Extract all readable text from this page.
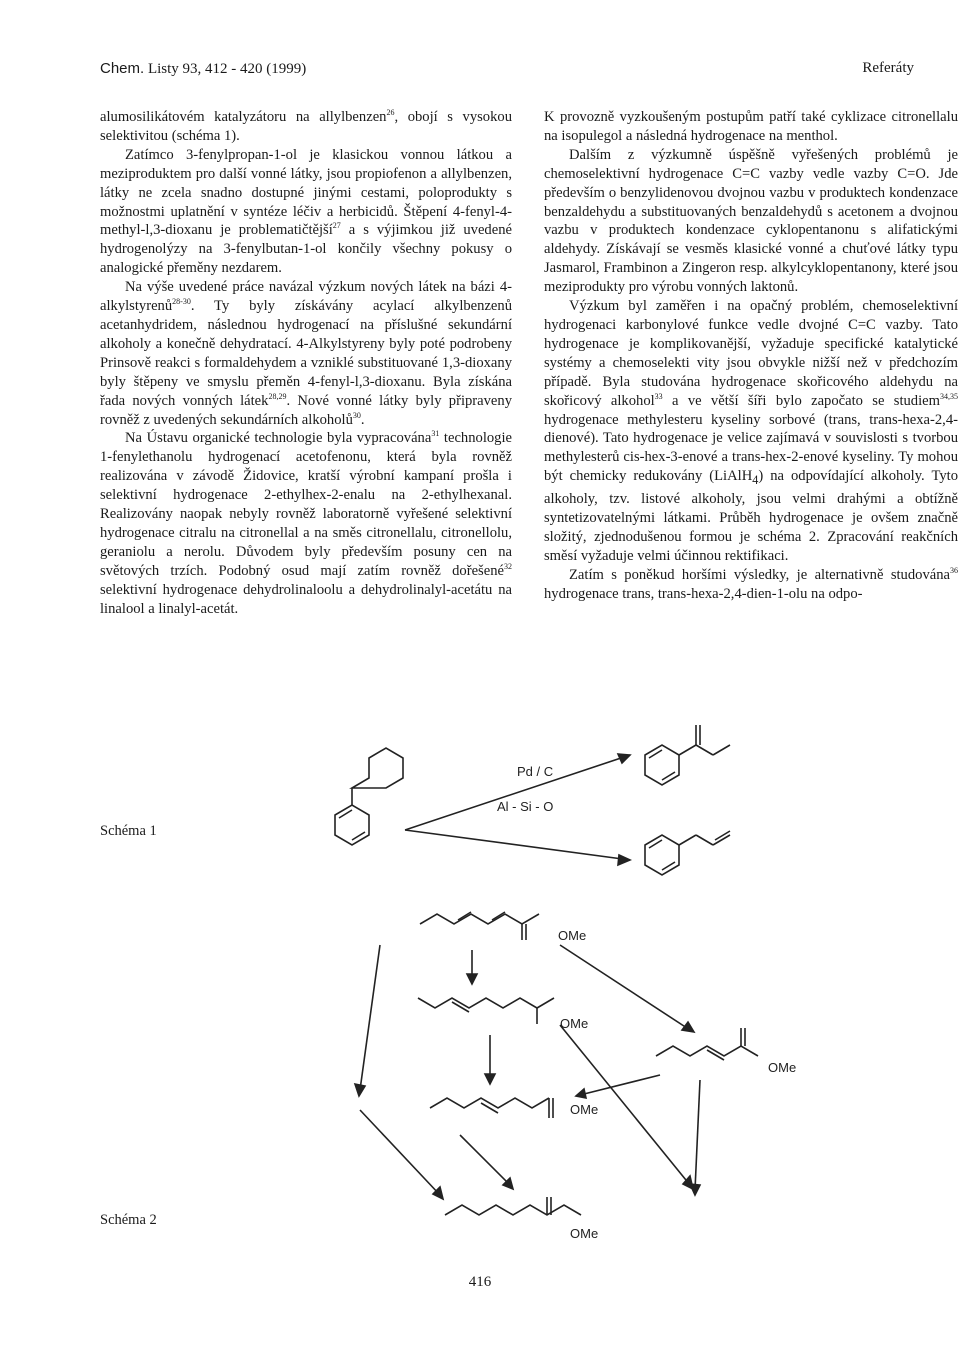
Chem. Listy 93, 412 - 420 (1999)	Referáty

alumosilikátovém katalyzátoru na allylbenzen$^{26}$, obojí s vysokou selektivitou (schéma 1).

Zatímco 3-fenylpropan-1-ol je klasickou vonnou látkou a meziproduktem pro další vonné látky, jsou propiofenon a allylbenzen, látky ne zcela snadno dostupné jinými cestami, poloprodukty s možnostmi uplatnění v syntéze léčiv a herbicidů. Štěpení 4-fenyl-4-methyl-l,3-dioxanu je problematičtější$^{27}$ a s výjimkou již uvedené hydrogenolýzy na 3-fenylbutan-1-ol končily všechny pokusy o analogické přeměny nezdarem.

Na výše uvedené práce navázal výzkum nových látek na bázi 4-alkylstyrenů$^{28-30}$. Ty byly získávány acylací alkylbenzenů acetanhydridem, následnou hydrogenací na příslušné sekundární alkoholy a konečně dehydratací. 4-Alkylstyreny byly poté podrobeny Prinsově reakci s formaldehydem a vzniklé substituované 1,3-dioxany byly štěpeny ve smyslu přeměn 4-fenyl-l,3-dioxanu. Byla získána řada nových vonných látek$^{28,29}$. Nové vonné látky byly připraveny rovněž z uvedených sekundárních alkoholů$^{30}$.

Na Ústavu organické technologie byla vypracována$^{31}$ technologie 1-fenylethanolu hydrogenací acetofenonu, která byla rovněž realizována v závodě Židovice, kratší výrobní kampaní prošla i selektivní hydrogenace 2-ethylhex-2-enalu na 2-ethylhexanal. Realizovány naopak nebyly rovněž laboratorně vyřešené selektivní hydrogenace citralu na citronellal a na směs citronellalu, citronellolu, geraniolu a nerolu. Důvodem byly především posuny cen na světových trzích. Podobný osud mají zatím rovněž dořešené$^{32}$ selektivní hydrogenace dehydrolinaloolu a dehydrolinalyl-acetátu na linalool a linalyl-acetát.

K provozně vyzkoušeným postupům patří také cyklizace citronellalu na isopulegol a následná hydrogenace na menthol.

Dalším z výzkumně úspěšně vyřešených problémů je chemoselektivní hydrogenace C=C vazby vedle vazby C=O. Jde především o benzylidenovou dvojnou vazbu v produktech kondenzace benzaldehydu a substituovaných benzaldehydů s acetonem a dvojnou vazbu v produktech kondenzace cyklopentanonu s alifatickými aldehydy. Získávají se vesměs klasické vonné a chuťové látky typu Jasmarol, Frambinon a Zingeron resp. alkylcyklopentanony, které jsou meziprodukty pro výrobu vonných laktonů.

Výzkum byl zaměřen i na opačný problém, chemoselektivní hydrogenaci karbonylové funkce vedle dvojné C=C vazby. Tato hydrogenace je komplikovanější, vyžaduje specifické katalytické systémy a chemoselekti vity jsou obvykle nižší než v předchozím případě. Byla studována hydrogenace skořicového aldehydu na skořicový alkohol$^{33}$ a ve větší šíři bylo započato se studiem$^{34,35}$ hydrogenace methylesteru kyseliny sorbové (trans, trans-hexa-2,4-dienové). Tato hydrogenace je velice zajímavá v souvislosti s tvorbou methylesterů cis-hex-3-enové a trans-hex-2-enové kyseliny. Ty mohou být chemicky redukovány (LiAlH$_4$) na odpovídající alkoholy. Tyto alkoholy, tzv. listové alkoholy, jsou velmi drahými a obtížně syntetizovatelnými látkami. Průběh hydrogenace je ovšem značně složitý, zjednodušenou formou je schéma 2. Zpracování reakčních směsí vyžaduje velmi účinnou rektifikaci.

Zatím s poněkud horšími výsledky, je alternativně studována$^{36}$ hydrogenace trans, trans-hexa-2,4-dien-1-olu na odpo-

Schéma 1
Pd / C
Al - Si - O
Schéma 2
OMe
OMe
OMe
OMe
OMe
416
